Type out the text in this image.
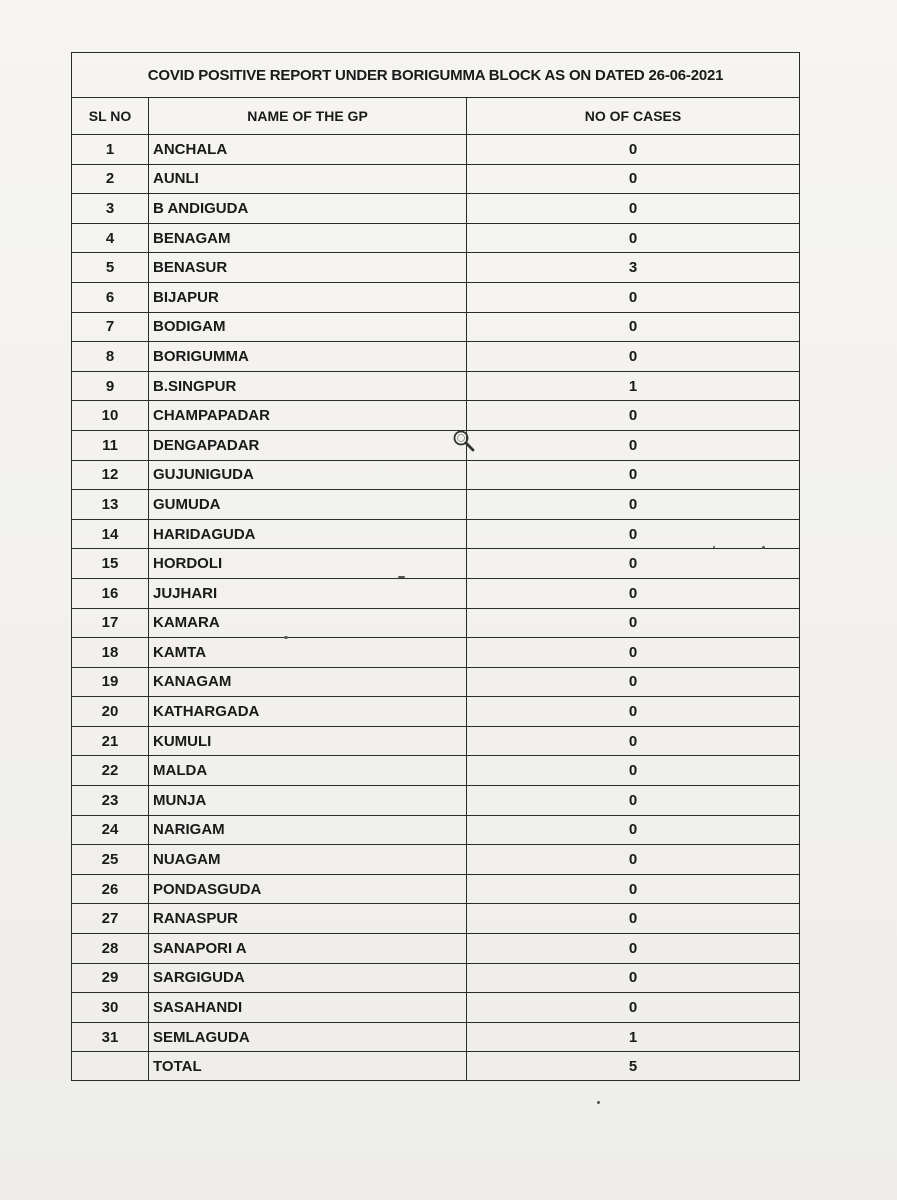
COVID POSITIVE REPORT UNDER BORIGUMMA BLOCK AS ON DATED 26-06-2021		
SL NO	NAME OF THE GP	NO OF CASES
1	ANCHALA	0
2	AUNLI	0
3	B ANDIGUDA	0
4	BENAGAM	0
5	BENASUR	3
6	BIJAPUR	0
7	BODIGAM	0
8	BORIGUMMA	0
9	B.SINGPUR	1
10	CHAMPAPADAR	0
11	DENGAPADAR	0
12	GUJUNIGUDA	0
13	GUMUDA	0
14	HARIDAGUDA	0
15	HORDOLI	0
16	JUJHARI	0
17	KAMARA	0
18	KAMTA	0
19	KANAGAM	0
20	KATHARGADA	0
21	KUMULI	0
22	MALDA	0
23	MUNJA	0
24	NARIGAM	0
25	NUAGAM	0
26	PONDASGUDA	0
27	RANASPUR	0
28	SANAPORI A	0
29	SARGIGUDA	0
30	SASAHANDI	0
31	SEMLAGUDA	1
	TOTAL	5
